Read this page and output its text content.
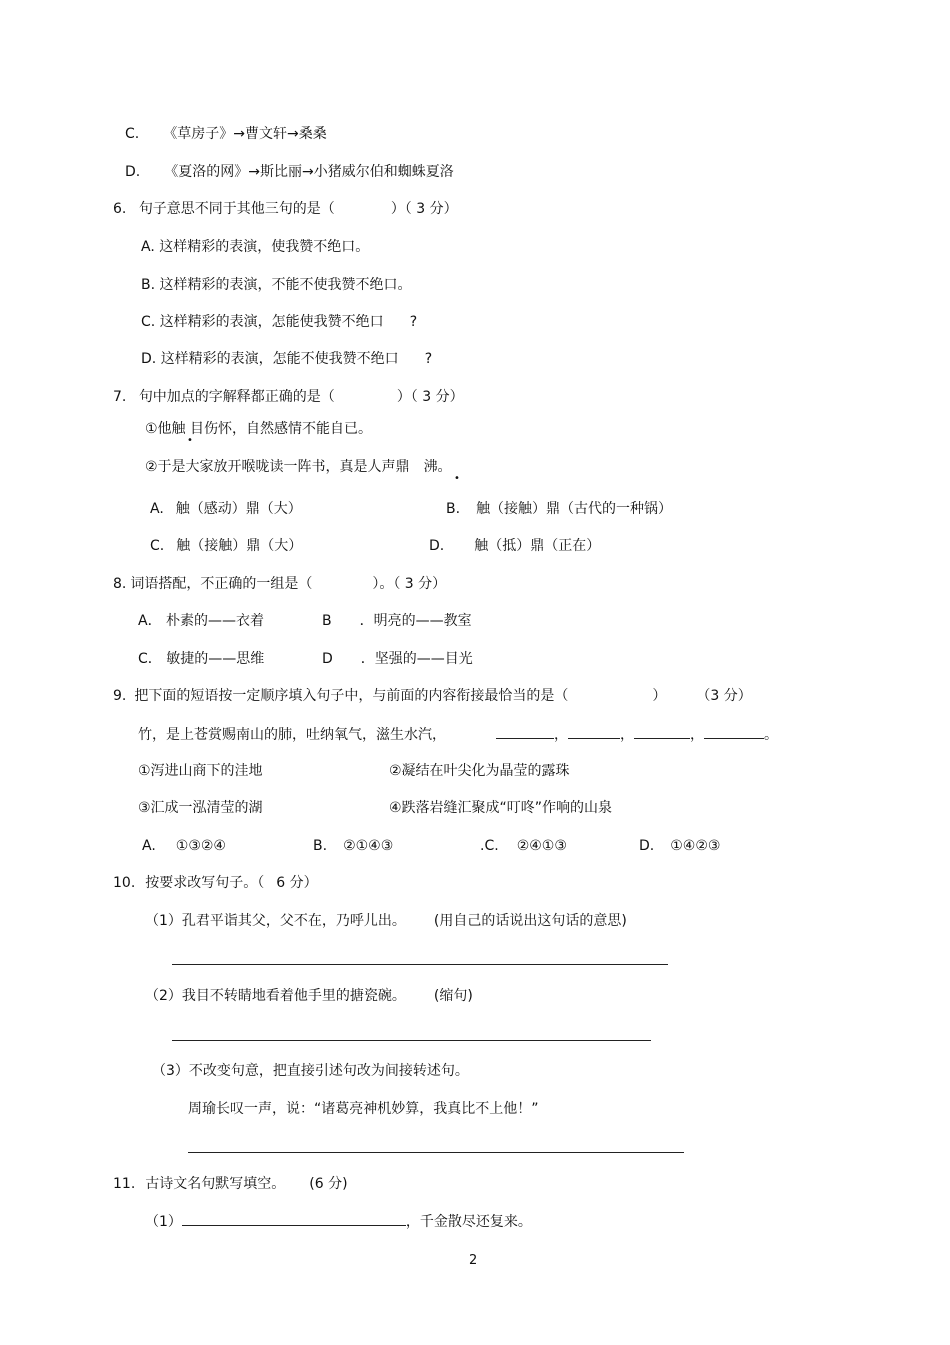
C. 《草房子》→曹文轩→桑桑
D. 《夏洛的网》→斯比丽→小猪威尔伯和蜘蛛夏洛
6. 句子意思不同于其他三句的是（	）（ 3 分）
A. 这样精彩的表演，使我赞不绝口。
B. 这样精彩的表演，不能不使我赞不绝口。
C. 这样精彩的表演，怎能使我赞不绝口 ?
D. 这样精彩的表演，怎能不使我赞不绝口 ?
7. 句中加点的字解释都正确的是（	）（ 3 分）
①他触 目伤怀，自然感情不能自已。
•
②于是大家放开喉咙读一阵书，真是人声鼎 沸。
•
A. 触（感动）鼎（大）	B. 触（接触）鼎（古代的一种锅）
C. 触（接触）鼎（大）	D. 触（抵）鼎（正在）
8. 词语搭配，不正确的一组是（	）。（ 3 分）
A． 朴素的——衣着	B ．明亮的——教室
C． 敏捷的——思维	D ．坚强的——目光
9. 把下面的短语按一定顺序填入句子中，与前面的内容衔接最恰当的是（	） （3 分）
竹，是上苍赏赐南山的肺，吐纳氧气，滋生水汽，	，	，	，	。
①泻进山商下的洼地	②凝结在叶尖化为晶莹的露珠
③汇成一泓清莹的湖	④跌落岩缝汇聚成“叮咚”作响的山泉
A. ①③②④	B. ②①④③	.C. ②④①③	D. ①④②③
10. 按要求改写句子。（ 6 分）
（1）孔君平诣其父，父不在，乃呼儿出。 (用自己的话说出这句话的意思)
（2）我目不转睛地看着他手里的搪瓷碗。 (缩句)
（3）不改变句意，把直接引述句改为间接转述句。
周瑜长叹一声，说：“诸葛亮神机妙算，我真比不上他！”
11. 古诗文名句默写填空。 (6 分)
（1）	，千金散尽还复来。
2
